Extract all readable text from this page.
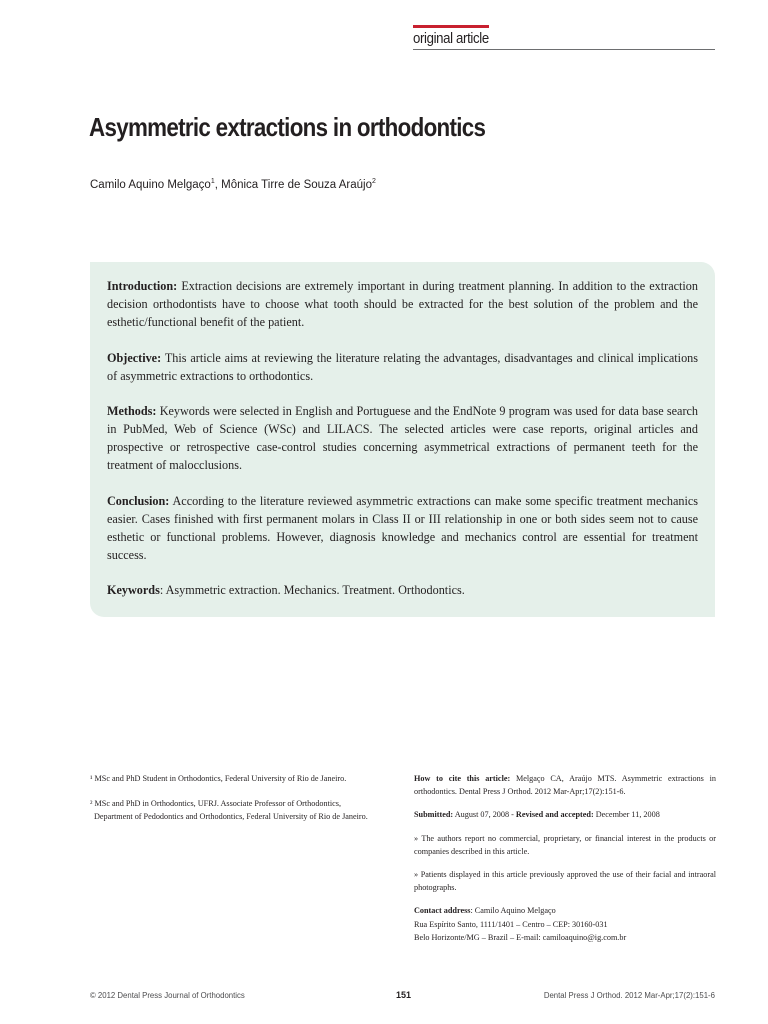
original article
Asymmetric extractions in orthodontics
Camilo Aquino Melgaço$^1$, Mônica Tirre de Souza Araújo$^2$

Introduction: Extraction decisions are extremely important in during treatment planning. In addition to the extraction decision orthodontists have to choose what tooth should be extracted for the best solution of the problem and the esthetic/functional benefit of the patient.

Objective: This article aims at reviewing the literature relating the advantages, disadvantages and clinical implications of asymmetric extractions to orthodontics.

Methods: Keywords were selected in English and Portuguese and the EndNote 9 program was used for data base search in PubMed, Web of Science (WSc) and LILACS. The selected articles were case reports, original articles and prospective or retrospective case-control studies concerning asymmetrical extractions of permanent teeth for the treatment of malocclusions.

Conclusion: According to the literature reviewed asymmetric extractions can make some specific treatment mechanics easier. Cases finished with first permanent molars in Class II or III relationship in one or both sides seem not to cause esthetic or functional problems. However, diagnosis knowledge and mechanics control are essential for treatment success.

Keywords: Asymmetric extraction. Mechanics. Treatment. Orthodontics.

¹ MSc and PhD Student in Orthodontics, Federal University of Rio de Janeiro.

² MSc and PhD in Orthodontics, UFRJ. Associate Professor of Orthodontics,
Department of Pedodontics and Orthodontics, Federal University of Rio de Janeiro.

How to cite this article: Melgaço CA, Araújo MTS. Asymmetric extractions in orthodontics. Dental Press J Orthod. 2012 Mar-Apr;17(2):151-6.

Submitted: August 07, 2008 - Revised and accepted: December 11, 2008

» The authors report no commercial, proprietary, or financial interest in the products or companies described in this article.

» Patients displayed in this article previously approved the use of their facial and intraoral photographs.

Contact address: Camilo Aquino Melgaço
Rua Espírito Santo, 1111/1401 – Centro – CEP: 30160-031
Belo Horizonte/MG – Brazil – E-mail: camiloaquino@ig.com.br

© 2012 Dental Press Journal of Orthodontics	151	Dental Press J Orthod. 2012 Mar-Apr;17(2):151-6
